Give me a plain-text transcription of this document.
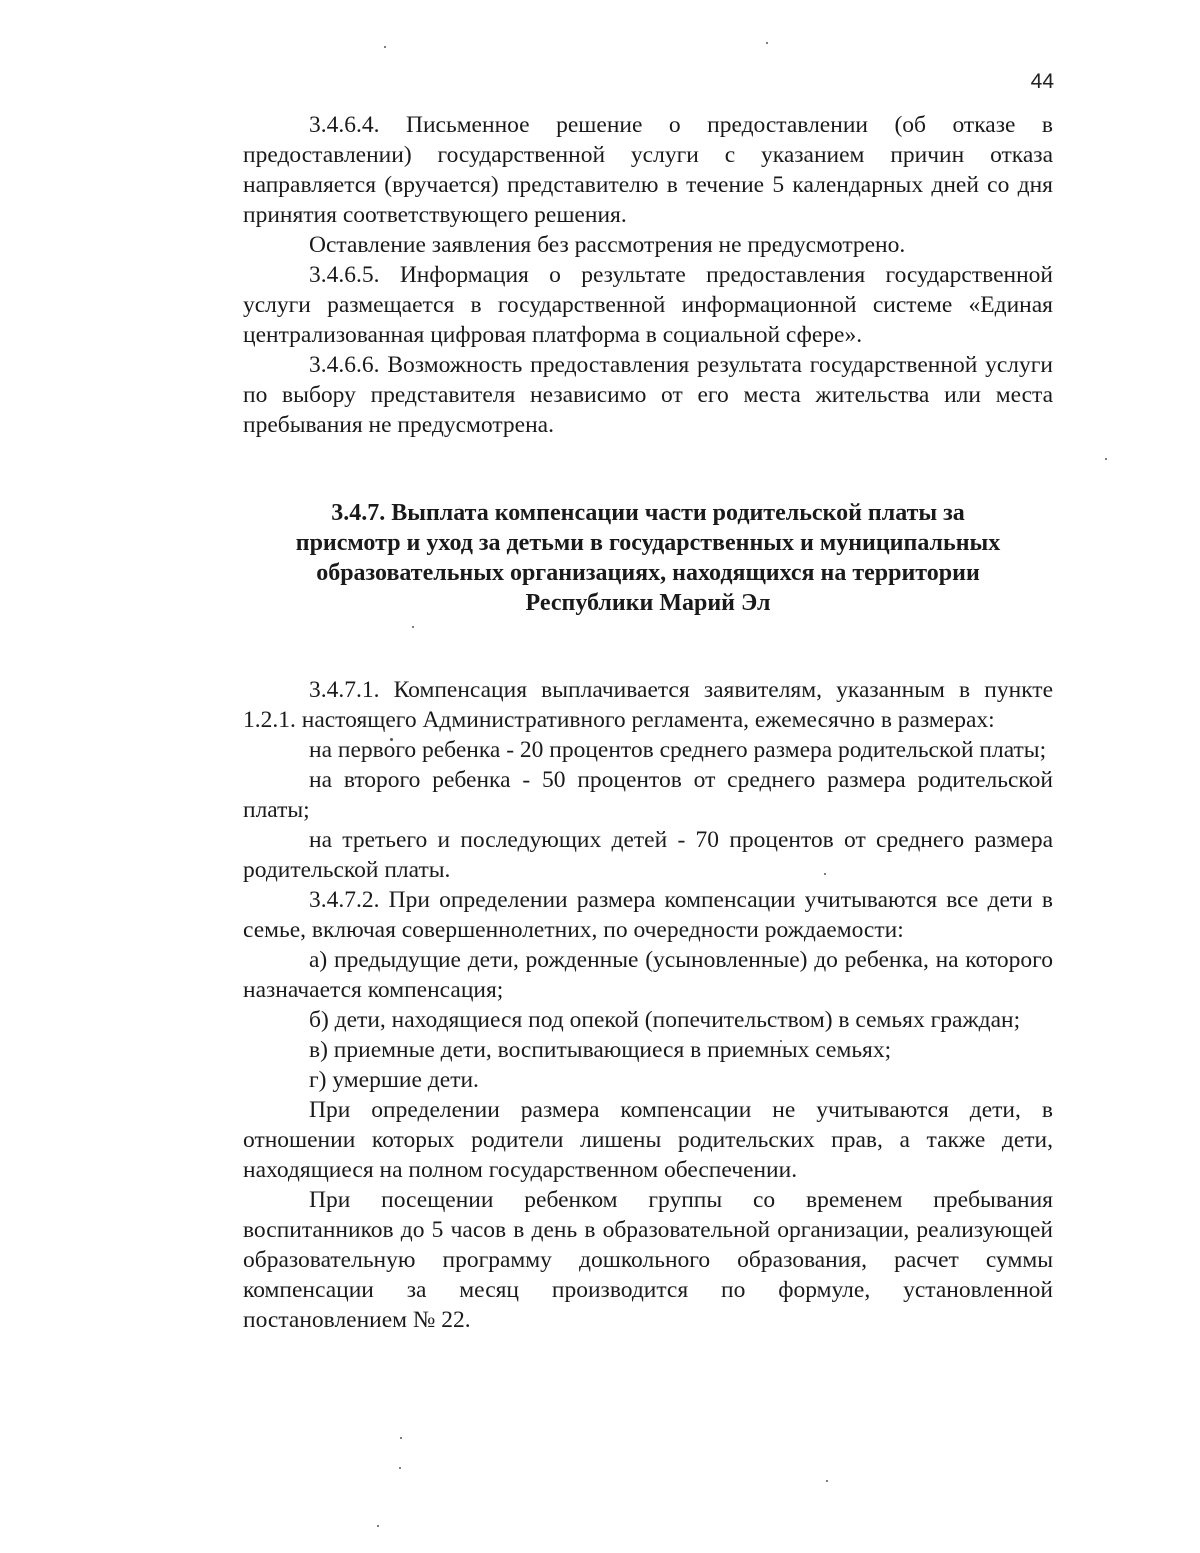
44

3.4.6.4. Письменное решение о предоставлении (об отказе в предоставлении) государственной услуги с указанием причин отказа направляется (вручается) представителю в течение 5 календарных дней со дня принятия соответствующего решения.

Оставление заявления без рассмотрения не предусмотрено.

3.4.6.5. Информация о результате предоставления государственной услуги размещается в государственной информационной системе «Единая централизованная цифровая платформа в социальной сфере».

3.4.6.6. Возможность предоставления результата государственной услуги по выбору представителя независимо от его места жительства или места пребывания не предусмотрена.

3.4.7. Выплата компенсации части родительской платы за
присмотр и уход за детьми в государственных и муниципальных
образовательных организациях, находящихся на территории
Республики Марий Эл

3.4.7.1. Компенсация выплачивается заявителям, указанным в пункте 1.2.1. настоящего Административного регламента, ежемесячно в размерах:

на первого ребенка - 20 процентов среднего размера родительской платы;

на второго ребенка - 50 процентов от среднего размера родительской платы;

на третьего и последующих детей - 70 процентов от среднего размера родительской платы.

3.4.7.2. При определении размера компенсации учитываются все дети в семье, включая совершеннолетних, по очередности рождаемости:

а) предыдущие дети, рожденные (усыновленные) до ребенка, на которого назначается компенсация;

б) дети, находящиеся под опекой (попечительством) в семьях граждан;

в) приемные дети, воспитывающиеся в приемных семьях;

г) умершие дети.

При определении размера компенсации не учитываются дети, в отношении которых родители лишены родительских прав, а также дети, находящиеся на полном государственном обеспечении.

При посещении ребенком группы со временем пребывания воспитанников до 5 часов в день в образовательной организации, реализующей образовательную программу дошкольного образования, расчет суммы компенсации за месяц производится по формуле, установленной постановлением № 22.
